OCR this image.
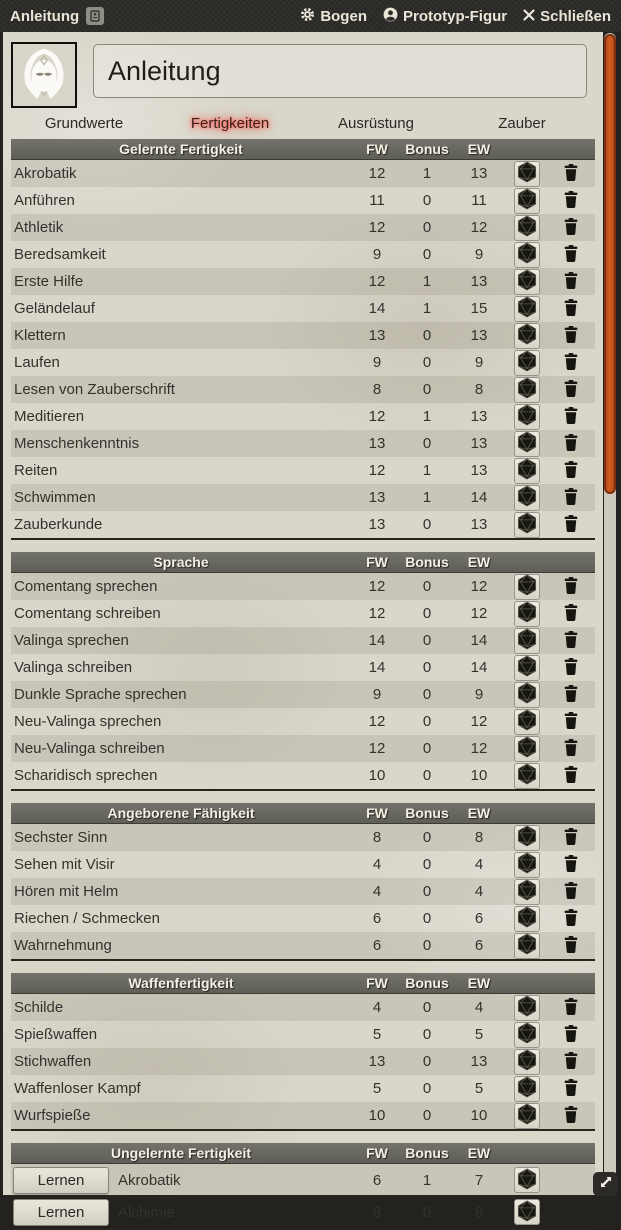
Anleitung	Bogen Prototyp-Figur Schließen
Anleitung
Grundwerte	Fertigkeiten	Ausrüstung	Zauber
Gelernte Fertigkeit	FW	Bonus	EW
Akrobatik	12	1	13
Anführen	11	0	11
Athletik	12	0	12
Beredsamkeit	9	0	9
Erste Hilfe	12	1	13
Geländelauf	14	1	15
Klettern	13	0	13
Laufen	9	0	9
Lesen von Zauberschrift	8	0	8
Meditieren	12	1	13
Menschenkenntnis	13	0	13
Reiten	12	1	13
Schwimmen	13	1	14
Zauberkunde	13	0	13
Sprache	FW	Bonus	EW
Comentang sprechen	12	0	12
Comentang schreiben	12	0	12
Valinga sprechen	14	0	14
Valinga schreiben	14	0	14
Dunkle Sprache sprechen	9	0	9
Neu-Valinga sprechen	12	0	12
Neu-Valinga schreiben	12	0	12
Scharidisch sprechen	10	0	10
Angeborene Fähigkeit	FW	Bonus	EW
Sechster Sinn	8	0	8
Sehen mit Visir	4	0	4
Hören mit Helm	4	0	4
Riechen / Schmecken	6	0	6
Wahrnehmung	6	0	6
Waffenfertigkeit	FW	Bonus	EW
Schilde	4	0	4
Spießwaffen	5	0	5
Stichwaffen	13	0	13
Waffenloser Kampf	5	0	5
Wurfspieße	10	0	10
Ungelernte Fertigkeit	FW	Bonus	EW
Lernen	Akrobatik	6	1	7
Lernen	Alchimie	8	0	8
